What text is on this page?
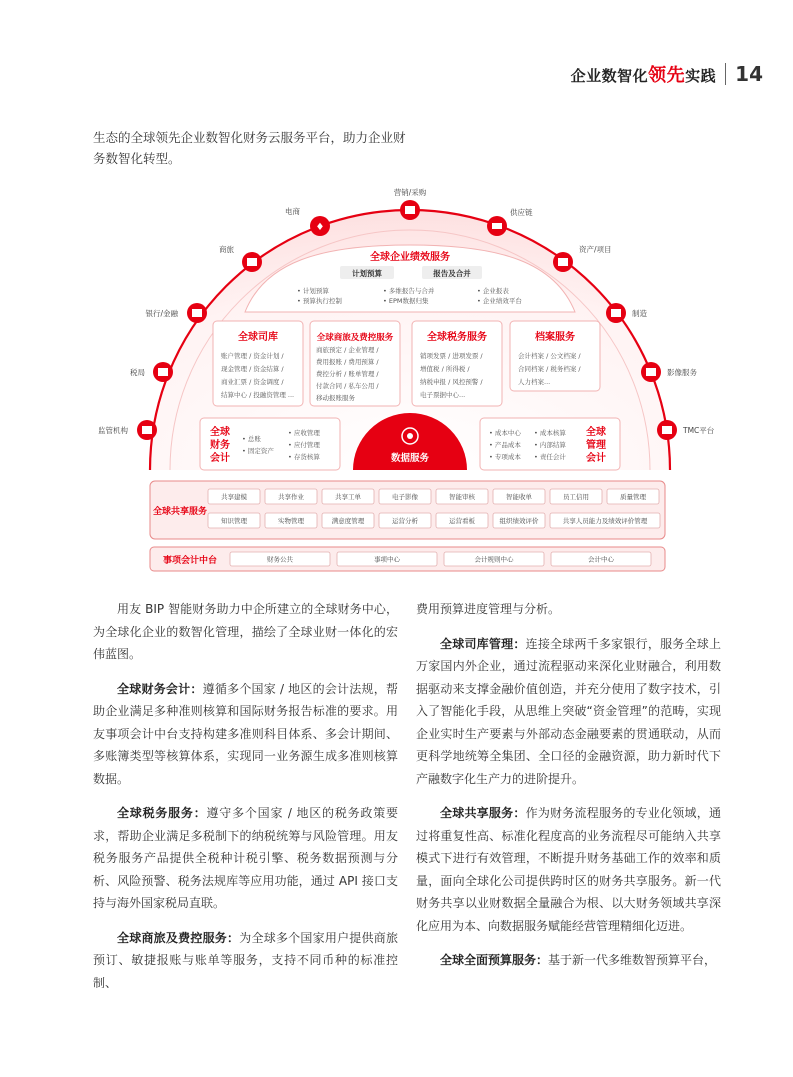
企业数智化领先实践 14
生态的全球领先企业数智化财务云服务平台，助力企业财务数智化转型。
营销/采购
♦
电商	供应链
商旅	资产/项目
银行/金融	制造
税局	影像服务
监管机构	TMC平台
全球企业绩效服务
计划预算	报告及合并
• 计划预算
• 预算执行控制
• 多维报告与合并
• EPM数据归集
• 企业报表
• 企业绩效平台
全球司库
账户管理 / 资金计划 /
现金管理 / 资金结算 /
商业汇票 / 资金调度 /
结算中心 / 投融资管理 ...
全球商旅及费控服务
商旅预定 / 企业管理 /
费用报账 / 费用预算 /
费控分析 / 账单管理 /
付款合同 / 私车公用 /
移动报账服务
全球税务服务
销项发票 / 进项发票 /
增值税 / 所得税 /
纳税申报 / 风控预警 /
电子票据中心...
档案服务
会计档案 / 公文档案 /
合同档案 / 税务档案 /
人力档案...
全球
财务
会计
• 总账
• 固定资产
• 应收管理
• 应付管理
• 存货核算	数据服务
• 成本中心
• 产品成本
• 专项成本
• 成本核算
• 内部结算
• 责任会计
全球
管理
会计
全球共享服务
共享建模	共享作业	共享工单	电子影像	智能审核	智能收单	员工信用	质量管理
知识管理	实物管理	满意度管理	运营分析	运营看板	组织绩效评价	共享人员能力及绩效评价管理
事项会计中台	财务公共	事项中心	会计规则中心	会计中心

用友 BIP 智能财务助力中企所建立的全球财务中心，为全球化企业的数智化管理，描绘了全球业财一体化的宏伟蓝图。

全球财务会计：遵循多个国家 / 地区的会计法规，帮助企业满足多种准则核算和国际财务报告标准的要求。用友事项会计中台支持构建多准则科目体系、多会计期间、多账簿类型等核算体系，实现同一业务源生成多准则核算数据。

全球税务服务：遵守多个国家 / 地区的税务政策要求，帮助企业满足多税制下的纳税统筹与风险管理。用友税务服务产品提供全税种计税引擎、税务数据预测与分析、风险预警、税务法规库等应用功能，通过 API 接口支持与海外国家税局直联。

全球商旅及费控服务：为全球多个国家用户提供商旅预订、敏捷报账与账单等服务，支持不同币种的标准控制、

费用预算进度管理与分析。

全球司库管理：连接全球两千多家银行，服务全球上万家国内外企业，通过流程驱动来深化业财融合，利用数据驱动来支撑金融价值创造，并充分使用了数字技术，引入了智能化手段，从思维上突破“资金管理”的范畴，实现企业实时生产要素与外部动态金融要素的贯通联动，从而更科学地统筹全集团、全口径的金融资源，助力新时代下产融数字化生产力的进阶提升。

全球共享服务：作为财务流程服务的专业化领域，通过将重复性高、标准化程度高的业务流程尽可能纳入共享模式下进行有效管理，不断提升财务基础工作的效率和质量，面向全球化公司提供跨时区的财务共享服务。新一代财务共享以业财数据全量融合为根、以大财务领域共享深化应用为本、向数据服务赋能经营管理精细化迈进。

全球全面预算服务：基于新一代多维数智预算平台，
